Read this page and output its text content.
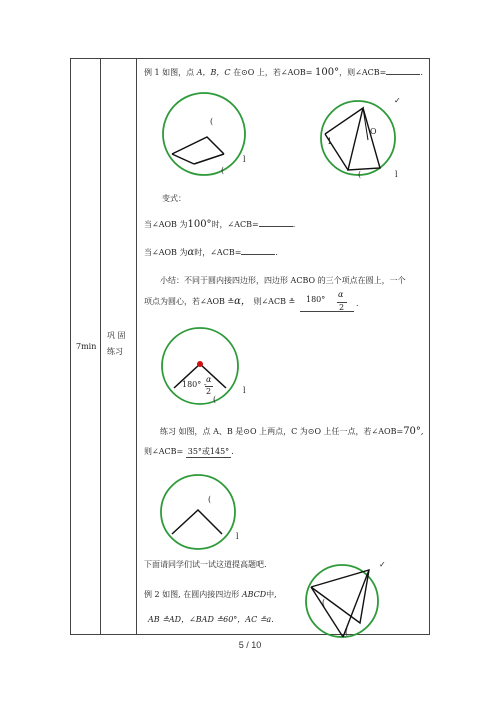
7min
巩 固
练习
例 1 如图，点 A，B，C 在⊙O 上，若∠AOB= 100°，则∠ACB=	.
(
l
(
✓
1
O
(	l
变式：
当∠AOB 为100°时，∠ACB=	.
当∠AOB 为α时，∠ACB=	.
小结：不同于圆内接四边形，四边形 ACBO 的三个项点在圆上，一个
项点为圆心，若∠AOB ≗α， 则∠ACB ≗ 180°
α
2 .
180° -
α
2
(
l
练习 如图，点 A、B 是⊙O 上两点，C 为⊙O 上任一点，若∠AOB=70°,
则∠ACB= 35°或145° .
(
l
下面请同学们试一试这道提高题吧.
例 2 如图, 在圆内接四边形 ABCD中,
AB ≗AD，∠BAD ≗60°，AC ≗a.
(
✓
(
5 / 10
